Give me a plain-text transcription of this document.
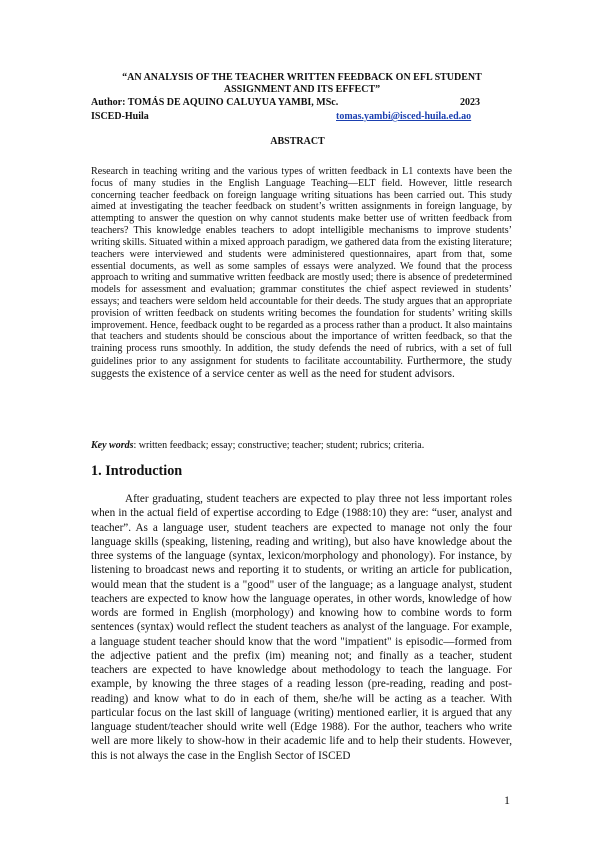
“AN ANALYSIS OF THE TEACHER WRITTEN FEEDBACK ON EFL STUDENT
ASSIGNMENT AND ITS EFFECT”
Author: TOMÁS DE AQUINO CALUYUA YAMBI, MSc.	2023
ISCED-Huila	tomas.yambi@isced-huila.ed.ao
ABSTRACT
Research in teaching writing and the various types of written feedback in L1 contexts have been the focus of many studies in the English Language Teaching—ELT field. However, little research concerning teacher feedback on foreign language writing situations has been carried out. This study aimed at investigating the teacher feedback on student’s written assignments in foreign language, by attempting to answer the question on why cannot students make better use of written feedback from teachers? This knowledge enables teachers to adopt intelligible mechanisms to improve students’ writing skills. Situated within a mixed approach paradigm, we gathered data from the existing literature; teachers were interviewed and students were administered questionnaires, apart from that, some essential documents, as well as some samples of essays were analyzed. We found that the process approach to writing and summative written feedback are mostly used; there is absence of predetermined models for assessment and evaluation; grammar constitutes the chief aspect reviewed in students’ essays; and teachers were seldom held accountable for their deeds. The study argues that an appropriate provision of written feedback on students writing becomes the foundation for students’ writing skills improvement. Hence, feedback ought to be regarded as a process rather than a product. It also maintains that teachers and students should be conscious about the importance of written feedback, so that the training process runs smoothly. In addition, the study defends the need of rubrics, with a set of full guidelines prior to any assignment for students to facilitate accountability. Furthermore, the study suggests the existence of a service center as well as the need for student advisors.
Key words: written feedback; essay; constructive; teacher; student; rubrics; criteria.
1. Introduction
After graduating, student teachers are expected to play three not less important roles when in the actual field of expertise according to Edge (1988:10) they are: “user, analyst and teacher”. As a language user, student teachers are expected to manage not only the four language skills (speaking, listening, reading and writing), but also have knowledge about the three systems of the language (syntax, lexicon/morphology and phonology). For instance, by listening to broadcast news and reporting it to students, or writing an article for publication, would mean that the student is a "good" user of the language; as a language analyst, student teachers are expected to know how the language operates, in other words, knowledge of how words are formed in English (morphology) and knowing how to combine words to form sentences (syntax) would reflect the student teachers as analyst of the language. For example, a language student teacher should know that the word "impatient" is episodic—formed from the adjective patient and the prefix (im) meaning not; and finally as a teacher, student teachers are expected to have knowledge about methodology to teach the language. For example, by knowing the three stages of a reading lesson (pre-reading, reading and post-reading) and know what to do in each of them, she/he will be acting as a teacher. With particular focus on the last skill of language (writing) mentioned earlier, it is argued that any language student/teacher should write well (Edge 1988). For the author, teachers who write well are more likely to show-how in their academic life and to help their students. However, this is not always the case in the English Sector of ISCED
1
